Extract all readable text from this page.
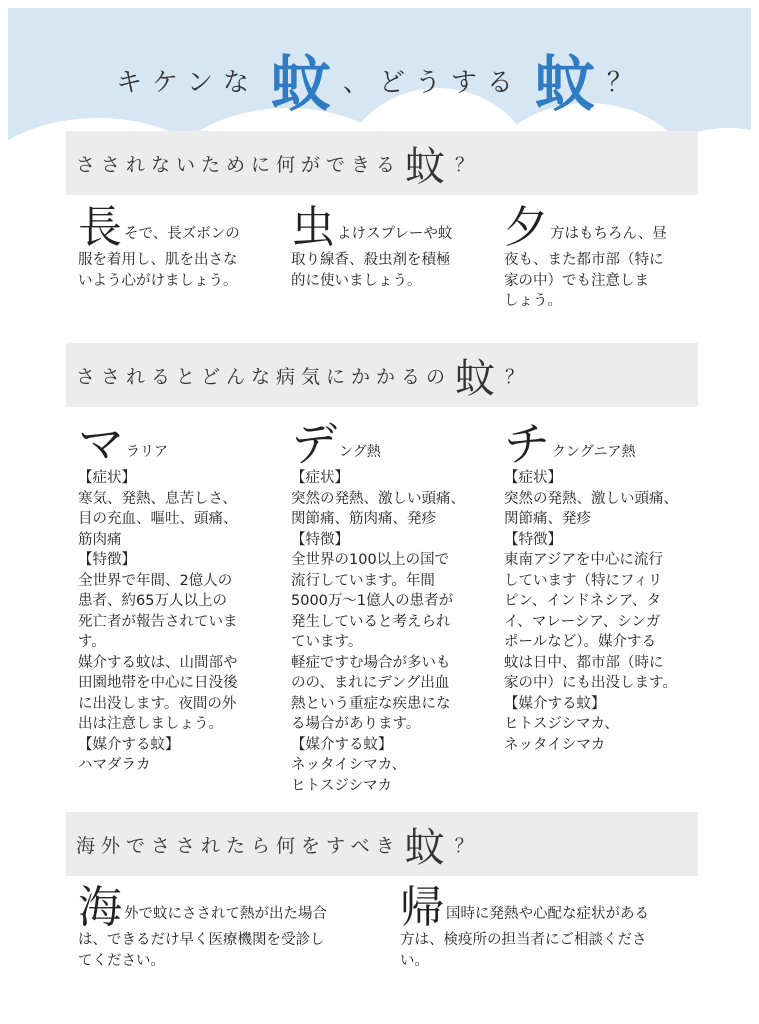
キケンな 蚊 、どうする 蚊 ？
さされないために何ができる 蚊 ？
長そで、長ズボンの
服を着用し、肌を出さな
いよう心がけましょう。
虫よけスプレーや蚊
取り線香、殺虫剤を積極
的に使いましょう。
夕方はもちろん、昼
夜も、また都市部（特に
家の中）でも注意しま
しょう。
さされるとどんな病気にかかるの 蚊 ？
マ ラリア
【症状】
寒気、発熱、息苦しさ、
目の充血、嘔吐、頭痛、
筋肉痛
【特徴】
全世界で年間、2億人の
患者、約65万人以上の
死亡者が報告されていま
す。
媒介する蚊は、山間部や
田園地帯を中心に日没後
に出没します。夜間の外
出は注意しましょう。
【媒介する蚊】
ハマダラカ
デ ング熱
【症状】
突然の発熱、激しい頭痛、
関節痛、筋肉痛、発疹
【特徴】
全世界の100以上の国で
流行しています。年間
5000万～1億人の患者が
発生していると考えられ
ています。
軽症ですむ場合が多いも
のの、まれにデング出血
熱という重症な疾患にな
る場合があります。
【媒介する蚊】
ネッタイシマカ、
ヒトスジシマカ
チ クングニア熱
【症状】
突然の発熱、激しい頭痛、
関節痛、発疹
【特徴】
東南アジアを中心に流行
しています（特にフィリ
ピン、インドネシア、タ
イ、マレーシア、シンガ
ポールなど）。媒介する
蚊は日中、都市部（時に
家の中）にも出没します。
【媒介する蚊】
ヒトスジシマカ、
ネッタイシマカ
海外でさされたら何をすべき 蚊 ？
海外で蚊にさされて熱が出た場合
は、できるだけ早く医療機関を受診し
てください。
帰国時に発熱や心配な症状がある
方は、検疫所の担当者にご相談くださ
い。
